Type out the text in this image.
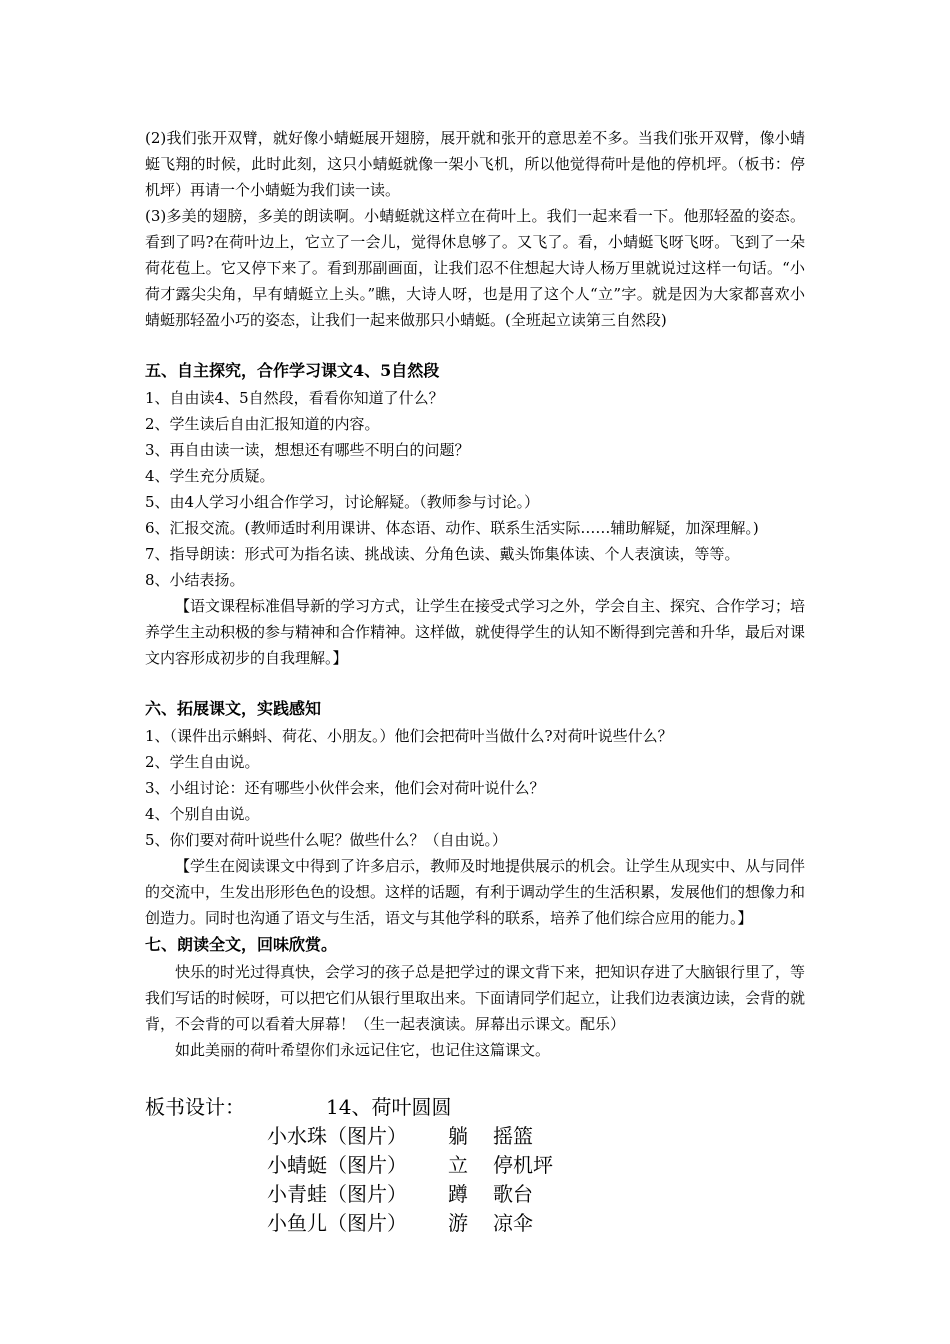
(2)我们张开双臂，就好像小蜻蜓展开翅膀，展开就和张开的意思差不多。当我们张开双臂，像小蜻蜓飞翔的时候，此时此刻，这只小蜻蜓就像一架小飞机，所以他觉得荷叶是他的停机坪。（板书：停机坪）再请一个小蜻蜓为我们读一读。

(3)多美的翅膀，多美的朗读啊。小蜻蜓就这样立在荷叶上。我们一起来看一下。他那轻盈的姿态。看到了吗?在荷叶边上，它立了一会儿，觉得休息够了。又飞了。看，小蜻蜓飞呀飞呀。飞到了一朵荷花苞上。它又停下来了。看到那副画面，让我们忍不住想起大诗人杨万里就说过这样一句话。“小荷才露尖尖角，早有蜻蜓立上头。”瞧，大诗人呀，也是用了这个人“立”字。就是因为大家都喜欢小蜻蜓那轻盈小巧的姿态，让我们一起来做那只小蜻蜓。(全班起立读第三自然段)

五、自主探究，合作学习课文4、5自然段

1、自由读4、5自然段，看看你知道了什么？

2、学生读后自由汇报知道的内容。

3、再自由读一读，想想还有哪些不明白的问题？

4、学生充分质疑。

5、由4人学习小组合作学习，讨论解疑。（教师参与讨论。）

6、汇报交流。(教师适时利用课讲、体态语、动作、联系生活实际……辅助解疑，加深理解。)

7、指导朗读：形式可为指名读、挑战读、分角色读、戴头饰集体读、个人表演读，等等。

8、小结表扬。

【语文课程标准倡导新的学习方式，让学生在接受式学习之外，学会自主、探究、合作学习；培养学生主动积极的参与精神和合作精神。这样做，就使得学生的认知不断得到完善和升华，最后对课文内容形成初步的自我理解。】

六、拓展课文，实践感知

1、（课件出示蝌蚪、荷花、小朋友。）他们会把荷叶当做什么?对荷叶说些什么？

2、学生自由说。

3、小组讨论：还有哪些小伙伴会来，他们会对荷叶说什么？

4、个别自由说。

5、你们要对荷叶说些什么呢？做些什么？（自由说。）

【学生在阅读课文中得到了许多启示，教师及时地提供展示的机会。让学生从现实中、从与同伴的交流中，生发出形形色色的设想。这样的话题，有利于调动学生的生活积累，发展他们的想像力和创造力。同时也沟通了语文与生活，语文与其他学科的联系，培养了他们综合应用的能力。】

七、朗读全文，回味欣赏。

快乐的时光过得真快，会学习的孩子总是把学过的课文背下来，把知识存进了大脑银行里了，等我们写话的时候呀，可以把它们从银行里取出来。下面请同学们起立，让我们边表演边读，会背的就背，不会背的可以看着大屏幕！（生一起表演读。屏幕出示课文。配乐）

如此美丽的荷叶希望你们永远记住它，也记住这篇课文。

板书设计：	14、荷叶圆圆
小水珠（图片） 躺 摇篮
小蜻蜓（图片） 立 停机坪
小青蛙（图片） 蹲 歌台
小鱼儿（图片） 游 凉伞
